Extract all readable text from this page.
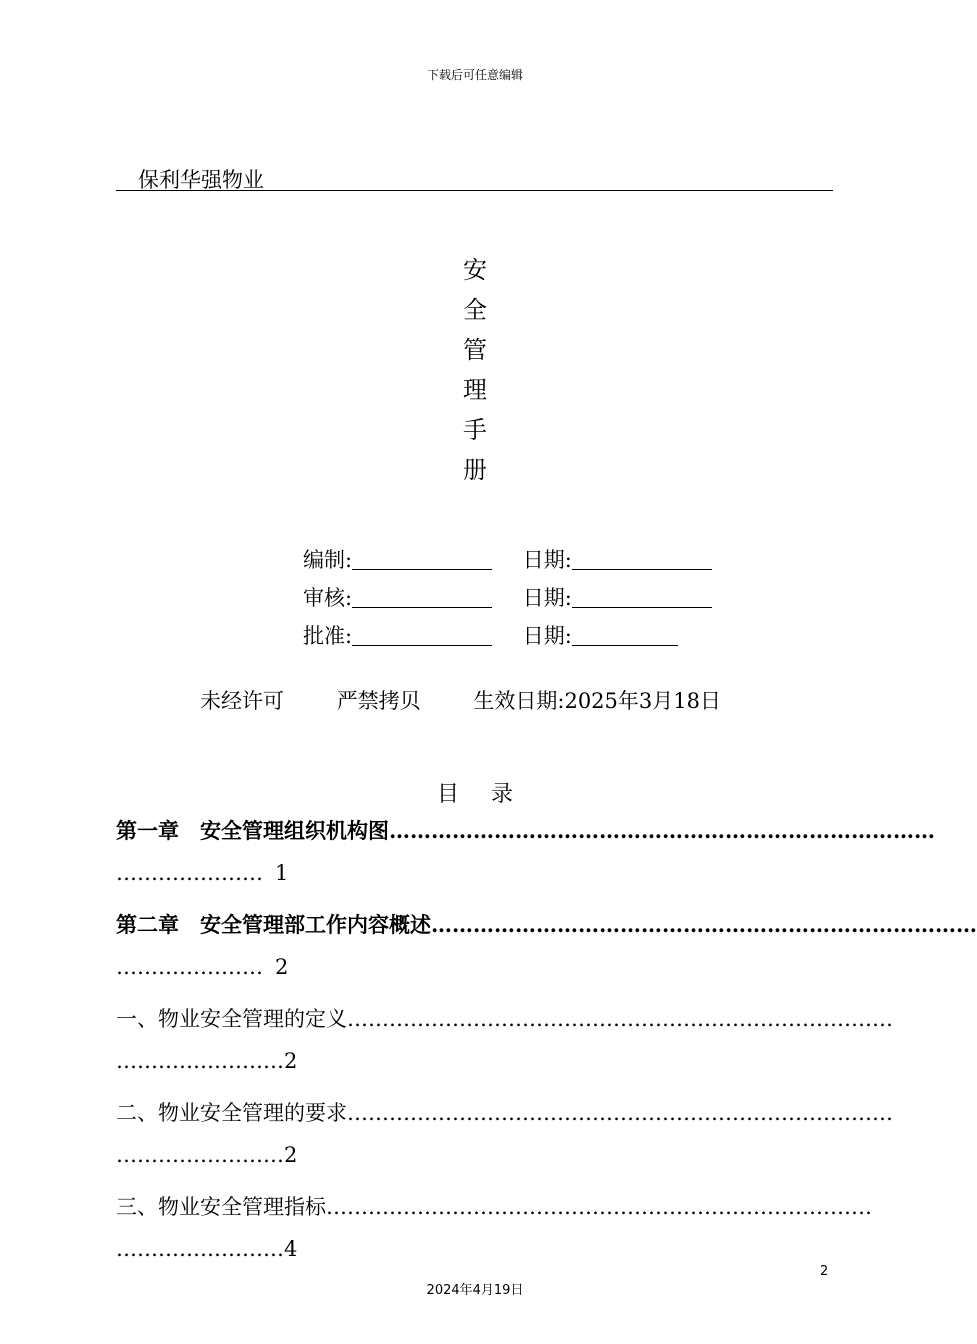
下载后可任意编辑
保利华强物业
安
全
管
理
手
册
编制:	日期:
审核:	日期:
批准:	日期:
未经许可	严禁拷贝	生效日期:2025年3月18日
目 录
第一章　安全管理组织机构图……………………………………………………………………
………………… 1
第二章　安全管理部工作内容概述……………………………………………………………………
………………… 2
一、物业安全管理的定义……………………………………………………………………
……………………2
二、物业安全管理的要求……………………………………………………………………
……………………2
三、物业安全管理指标……………………………………………………………………
……………………4
2
2024年4月19日
